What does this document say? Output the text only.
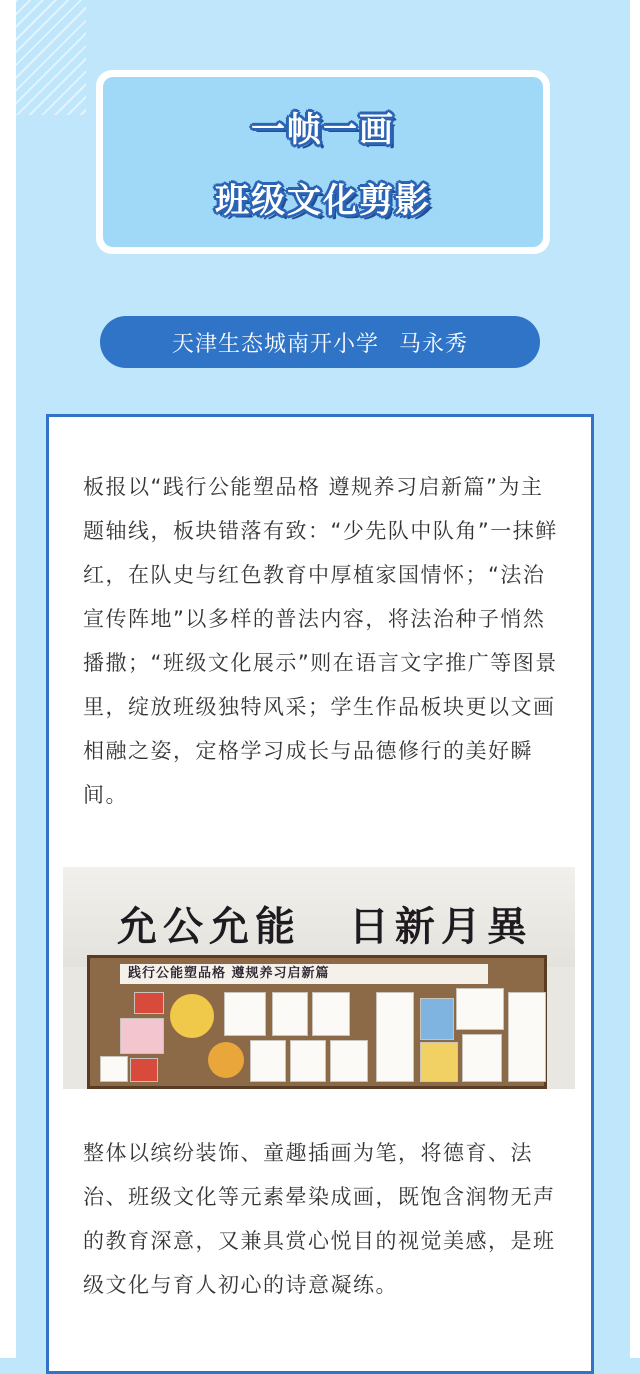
一帧一画
班级文化剪影
天津生态城南开小学 马永秀

板报以“践行公能塑品格 遵规养习启新篇”为主题轴线，板块错落有致：“少先队中队角”一抹鲜红，在队史与红色教育中厚植家国情怀；“法治宣传阵地”以多样的普法内容，将法治种子悄然播撒；“班级文化展示”则在语言文字推广等图景里，绽放班级独特风采；学生作品板块更以文画相融之姿，定格学习成长与品德修行的美好瞬间。

允公允能 日新月異
践行公能塑品格 遵规养习启新篇

整体以缤纷装饰、童趣插画为笔，将德育、法治、班级文化等元素晕染成画，既饱含润物无声的教育深意，又兼具赏心悦目的视觉美感，是班级文化与育人初心的诗意凝练。
